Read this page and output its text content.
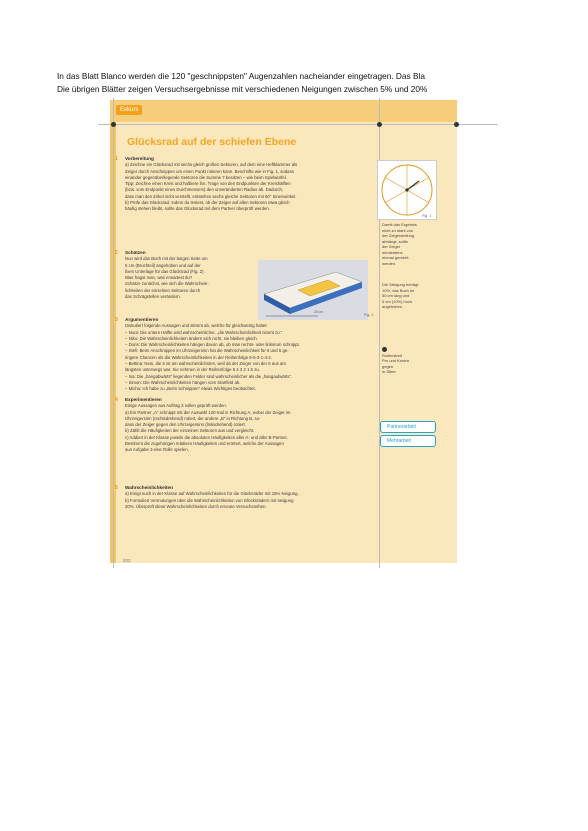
In das Blatt Blanco werden die 120 "geschnippsten" Augenzahlen nacheiander eingetragen. Das Bla
Die übrigen Blätter zeigen Versuchsergebnisse mit verschiedenen Neigungen zwischen 5% und 20%
Exkurs
Glücksrad auf der schiefen Ebene
1 Vorbereitung
a) Zeichne ein Glücksrad mit sechs gleich großen Sektoren, auf dem eine Heftklammer als
Zeiger durch Anschnippen um einen Punkt rotieren kann. Beschrifte wie in Fig. 1, sodass
einander gegenüberliegende Sektoren die Summe 7 besitzen – wie beim Spielwürfel.
Tipp: Zeichne einen Kreis und halbiere ihn. Trage von den Endpunkten der Kreishälften
(bzw. vom Endpunkt eines Durchmessers) den unveränderten Radius ab. Dadurch,
dass man den Zirkel nicht verstellt, entstehen sechs gleiche Sektoren mit 60° Innenwinkel.
b) Prüfe das Glücksrad. Indem du testest, ob der Zeiger auf allen Sektoren etwa gleich
häufig stehen bleibt, sollte das Glücksrad mit dem Partner überprüft werden.
2 Schätzen
Nun wird das Buch mit der langen Seite um
5 cm (Bruchteil) angehoben und auf der
fixen Unterlage für das Glücksrad (Fig. 2).
Was fragst man, was erwartest du?
Schätze zunächst, wie sich die Wahrschein-
lichkeiten der einzelnen Sektoren durch
das Schrägstellen verändern.
3 Argumentieren
Diskutiert folgende Aussagen und stimmt ab, welche für gleichwertig haltet:
– Nora: Die untere Hälfte wird wahrscheinlicher, „die Wahrscheinlichkeit nimmt zu.“
– Niko: Die Wahrscheinlichkeiten ändern sich nicht, sie bleiben gleich.
– Doris: Die Wahrscheinlichkeiten hängen davon ab, ob man rechts- oder linksrum schnippt.
– Stefi: Beim Anschnippen im Uhrzeigersinn hat die Wahrscheinlichkeit für 6 und 5 ge-
ringere Chancen als die Wahrscheinlichkeiten in der Reihenfolge 6-5-3-1-4-2.
– Bettina: Nein, die 5 ist am wahrscheinlichsten, weil da der Zeiger von der 6 aus am
längsten unterwegs war. Sie nehmen in der Reihenfolge 5 4 3 2 1 6 zu.
– Ina: Die „hangabwärts“ liegenden Felder sind wahrscheinlicher als die „hangaufwärts“.
– Simon: Die Wahrscheinlichkeiten hängen vom Startfeld ab.
– Micha: Ich habe zu „Beim Schnippen“ etwas Wichtiges beobachtet.
4 Experimentieren
Einige Aussagen aus Auftrag 3 sollen geprüft werden.
a) Ein Partner „A“ schnippt mit der Auswahl 120-mal in Richtung A, wobei der Zeiger im
Uhrzeigersinn (rechtsdrehend) rotiert, der andere „B“ in Richtung B, so-
dass der Zeiger gegen den Uhrzeigersinn (linksdrehend) rotiert.
b) Zählt die Häufigkeiten der einzelnen Sektoren aus und vergleicht.
c) Addiert in der Klasse jeweils die absoluten Häufigkeiten aller A- und aller B-Partner.
Bestimmt die zugehörigen relativen Häufigkeiten und erörtert, welche der Aussagen
aus Aufgabe 3 eine Rolle spielen.
5 Wahrscheinlichkeiten
a) Einigt euch in der Klasse auf Wahrscheinlichkeiten für die Glücksräder mit 15% Neigung.
b) Formuliert Vermutungen über die Wahrscheinlichkeiten von Glücksrädern mit Neigung
20%. Überprüft diese Wahrscheinlichkeiten durch erneute Versuchsreihen.
Fig. 1
Damit das Ergebnis
nicht zu stark von
der Zeigerstellung
abhängt, sollte
der Zeiger
mindestens
einmal gedreht
werden.
20cm
Fig. 2
Die Steigung beträgt
10%, das Buch ist
50 cm lang und
5 cm (10%) hoch
angehoben.
Rollenstreit
Pro und Kontra
gegen
m.Siber
Partnerarbeit
Mehrarbeit
202
